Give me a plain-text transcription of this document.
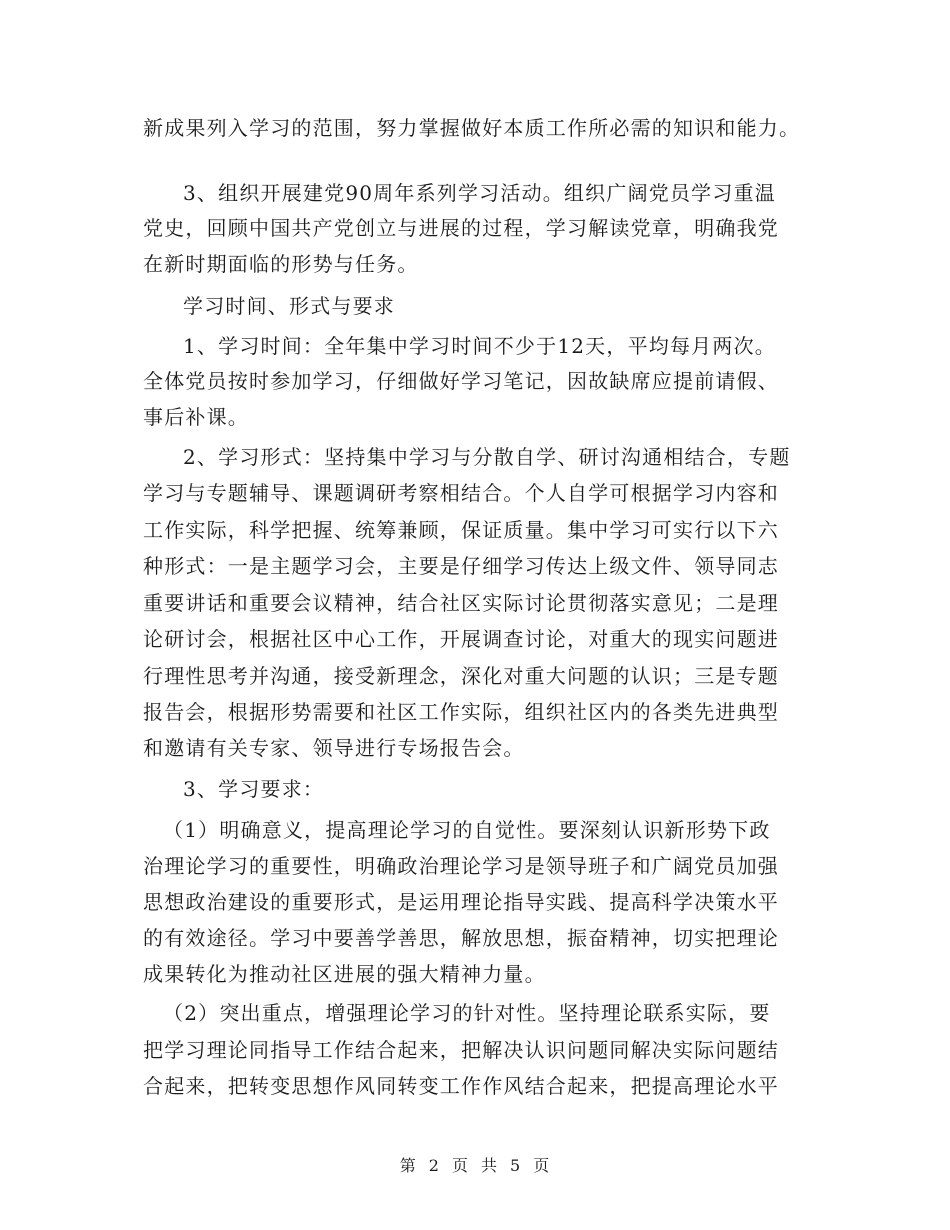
新成果列入学习的范围，努力掌握做好本质工作所必需的知识和能力。
3、组织开展建党90周年系列学习活动。组织广阔党员学习重温
党史，回顾中国共产党创立与进展的过程，学习解读党章，明确我党
在新时期面临的形势与任务。
学习时间、形式与要求
1、学习时间：全年集中学习时间不少于12天，平均每月两次。
全体党员按时参加学习，仔细做好学习笔记，因故缺席应提前请假、
事后补课。
2、学习形式：坚持集中学习与分散自学、研讨沟通相结合，专题
学习与专题辅导、课题调研考察相结合。个人自学可根据学习内容和
工作实际，科学把握、统筹兼顾，保证质量。集中学习可实行以下六
种形式：一是主题学习会，主要是仔细学习传达上级文件、领导同志
重要讲话和重要会议精神，结合社区实际讨论贯彻落实意见；二是理
论研讨会，根据社区中心工作，开展调查讨论，对重大的现实问题进
行理性思考并沟通，接受新理念，深化对重大问题的认识；三是专题
报告会，根据形势需要和社区工作实际，组织社区内的各类先进典型
和邀请有关专家、领导进行专场报告会。
3、学习要求：
（1）明确意义，提高理论学习的自觉性。要深刻认识新形势下政
治理论学习的重要性，明确政治理论学习是领导班子和广阔党员加强
思想政治建设的重要形式，是运用理论指导实践、提高科学决策水平
的有效途径。学习中要善学善思，解放思想，振奋精神，切实把理论
成果转化为推动社区进展的强大精神力量。
（2）突出重点，增强理论学习的针对性。坚持理论联系实际，要
把学习理论同指导工作结合起来，把解决认识问题同解决实际问题结
合起来，把转变思想作风同转变工作作风结合起来，把提高理论水平
第 2 页 共 5 页
